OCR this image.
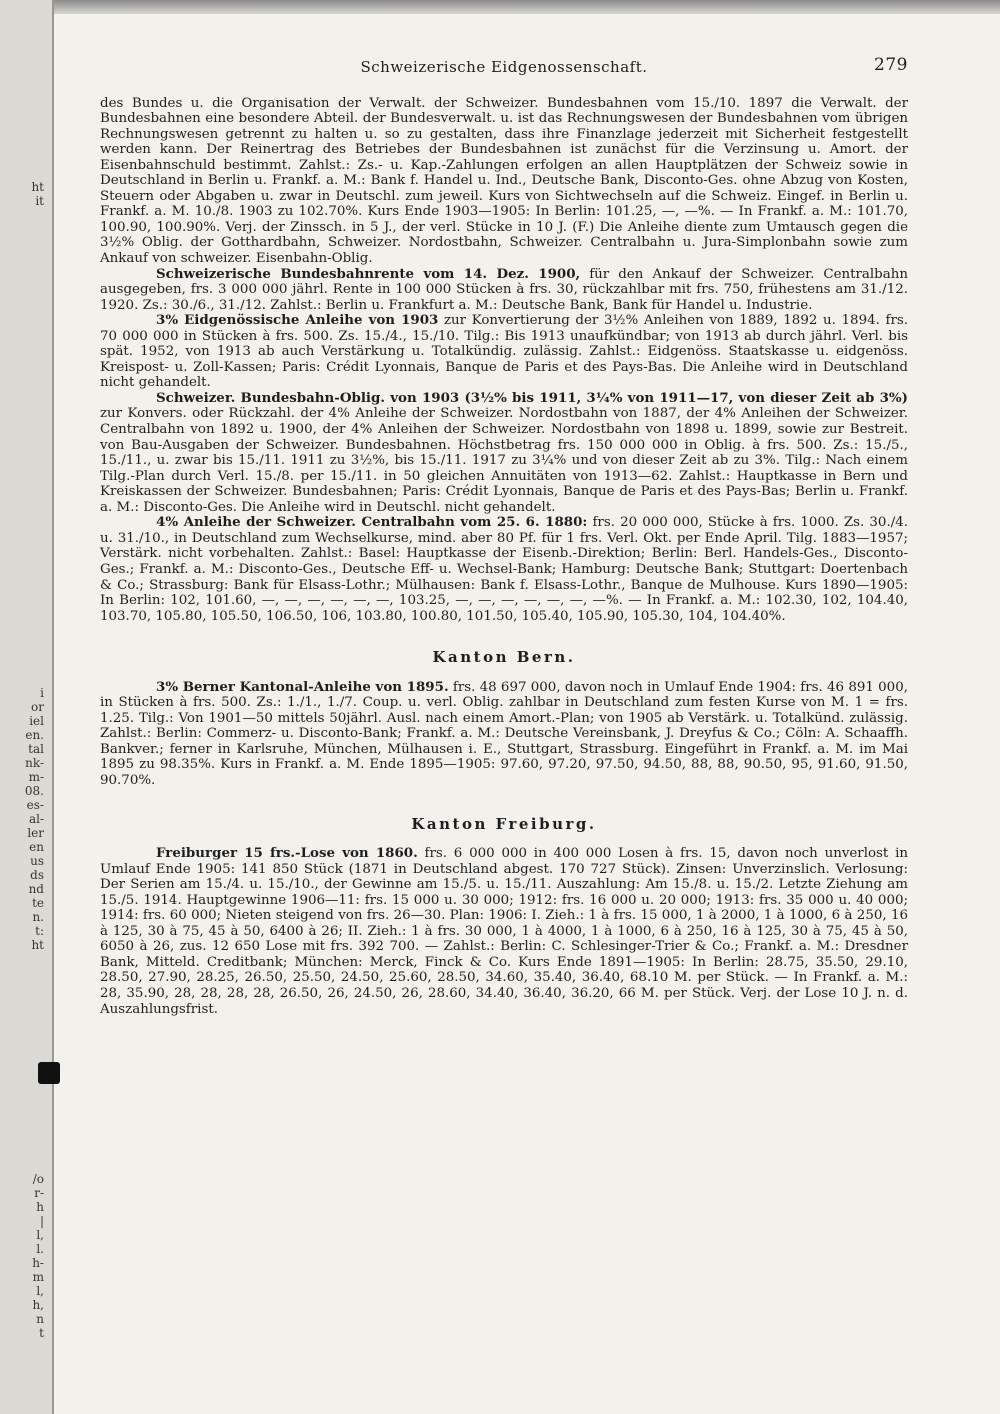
ht
it
i
or
iel
en.
tal
nk-
m-
08.
es-
al-
ler
en
us
ds
nd
te
n.
t:
ht
/o
r-
h
|
l,
l.
h-
m
l,
h,
n
t
Schweizerische Eidgenossenschaft.	279

des Bundes u. die Organisation der Verwalt. der Schweizer. Bundesbahnen vom 15./10. 1897 die Verwalt. der Bundesbahnen eine besondere Abteil. der Bundesverwalt. u. ist das Rechnungswesen der Bundesbahnen vom übrigen Rechnungswesen getrennt zu halten u. so zu gestalten, dass ihre Finanzlage jederzeit mit Sicherheit festgestellt werden kann. Der Reinertrag des Betriebes der Bundesbahnen ist zunächst für die Verzinsung u. Amort. der Eisenbahnschuld bestimmt. Zahlst.: Zs.- u. Kap.-Zahlungen erfolgen an allen Hauptplätzen der Schweiz sowie in Deutschland in Berlin u. Frankf. a. M.: Bank f. Handel u. Ind., Deutsche Bank, Disconto-Ges. ohne Abzug von Kosten, Steuern oder Abgaben u. zwar in Deutschl. zum jeweil. Kurs von Sichtwechseln auf die Schweiz. Eingef. in Berlin u. Frankf. a. M. 10./8. 1903 zu 102.70%. Kurs Ende 1903—1905: In Berlin: 101.25, —, —%. — In Frankf. a. M.: 101.70, 100.90, 100.90%. Verj. der Zinssch. in 5 J., der verl. Stücke in 10 J. (F.) Die Anleihe diente zum Umtausch gegen die 3½% Oblig. der Gotthardbahn, Schweizer. Nordostbahn, Schweizer. Centralbahn u. Jura-Simplonbahn sowie zum Ankauf von schweizer. Eisenbahn-Oblig.

Schweizerische Bundesbahnrente vom 14. Dez. 1900, für den Ankauf der Schweizer. Centralbahn ausgegeben, frs. 3 000 000 jährl. Rente in 100 000 Stücken à frs. 30, rückzahlbar mit frs. 750, frühestens am 31./12. 1920. Zs.: 30./6., 31./12. Zahlst.: Berlin u. Frankfurt a. M.: Deutsche Bank, Bank für Handel u. Industrie.

3% Eidgenössische Anleihe von 1903 zur Konvertierung der 3½% Anleihen von 1889, 1892 u. 1894. frs. 70 000 000 in Stücken à frs. 500. Zs. 15./4., 15./10. Tilg.: Bis 1913 unaufkündbar; von 1913 ab durch jährl. Verl. bis spät. 1952, von 1913 ab auch Verstärkung u. Totalkündig. zulässig. Zahlst.: Eidgenöss. Staatskasse u. eidgenöss. Kreispost- u. Zoll-Kassen; Paris: Crédit Lyonnais, Banque de Paris et des Pays-Bas. Die Anleihe wird in Deutschland nicht gehandelt.

Schweizer. Bundesbahn-Oblig. von 1903 (3½% bis 1911, 3¼% von 1911—17, von dieser Zeit ab 3%) zur Konvers. oder Rückzahl. der 4% Anleihe der Schweizer. Nordostbahn von 1887, der 4% Anleihen der Schweizer. Centralbahn von 1892 u. 1900, der 4% Anleihen der Schweizer. Nordostbahn von 1898 u. 1899, sowie zur Bestreit. von Bau-Ausgaben der Schweizer. Bundesbahnen. Höchstbetrag frs. 150 000 000 in Oblig. à frs. 500. Zs.: 15./5., 15./11., u. zwar bis 15./11. 1911 zu 3½%, bis 15./11. 1917 zu 3¼% und von dieser Zeit ab zu 3%. Tilg.: Nach einem Tilg.-Plan durch Verl. 15./8. per 15./11. in 50 gleichen Annuitäten von 1913—62. Zahlst.: Hauptkasse in Bern und Kreiskassen der Schweizer. Bundesbahnen; Paris: Crédit Lyonnais, Banque de Paris et des Pays-Bas; Berlin u. Frankf. a. M.: Disconto-Ges. Die Anleihe wird in Deutschl. nicht gehandelt.

4% Anleihe der Schweizer. Centralbahn vom 25. 6. 1880: frs. 20 000 000, Stücke à frs. 1000. Zs. 30./4. u. 31./10., in Deutschland zum Wechselkurse, mind. aber 80 Pf. für 1 frs. Verl. Okt. per Ende April. Tilg. 1883—1957; Verstärk. nicht vorbehalten. Zahlst.: Basel: Hauptkasse der Eisenb.-Direktion; Berlin: Berl. Handels-Ges., Disconto-Ges.; Frankf. a. M.: Disconto-Ges., Deutsche Eff- u. Wechsel-Bank; Hamburg: Deutsche Bank; Stuttgart: Doertenbach & Co.; Strassburg: Bank für Elsass-Lothr.; Mülhausen: Bank f. Elsass-Lothr., Banque de Mulhouse. Kurs 1890—1905: In Berlin: 102, 101.60, —, —, —, —, —, —, 103.25, —, —, —, —, —, —, —%. — In Frankf. a. M.: 102.30, 102, 104.40, 103.70, 105.80, 105.50, 106.50, 106, 103.80, 100.80, 101.50, 105.40, 105.90, 105.30, 104, 104.40%.

Kanton Bern.

3% Berner Kantonal-Anleihe von 1895. frs. 48 697 000, davon noch in Umlauf Ende 1904: frs. 46 891 000, in Stücken à frs. 500. Zs.: 1./1., 1./7. Coup. u. verl. Oblig. zahlbar in Deutschland zum festen Kurse von M. 1 = frs. 1.25. Tilg.: Von 1901—50 mittels 50jährl. Ausl. nach einem Amort.-Plan; von 1905 ab Verstärk. u. Totalkünd. zulässig. Zahlst.: Berlin: Commerz- u. Disconto-Bank; Frankf. a. M.: Deutsche Vereinsbank, J. Dreyfus & Co.; Cöln: A. Schaaffh. Bankver.; ferner in Karlsruhe, München, Mülhausen i. E., Stuttgart, Strassburg. Eingeführt in Frankf. a. M. im Mai 1895 zu 98.35%. Kurs in Frankf. a. M. Ende 1895—1905: 97.60, 97.20, 97.50, 94.50, 88, 88, 90.50, 95, 91.60, 91.50, 90.70%.

Kanton Freiburg.

Freiburger 15 frs.-Lose von 1860. frs. 6 000 000 in 400 000 Losen à frs. 15, davon noch unverlost in Umlauf Ende 1905: 141 850 Stück (1871 in Deutschland abgest. 170 727 Stück). Zinsen: Unverzinslich. Verlosung: Der Serien am 15./4. u. 15./10., der Gewinne am 15./5. u. 15./11. Auszahlung: Am 15./8. u. 15./2. Letzte Ziehung am 15./5. 1914. Hauptgewinne 1906—11: frs. 15 000 u. 30 000; 1912: frs. 16 000 u. 20 000; 1913: frs. 35 000 u. 40 000; 1914: frs. 60 000; Nieten steigend von frs. 26—30. Plan: 1906: I. Zieh.: 1 à frs. 15 000, 1 à 2000, 1 à 1000, 6 à 250, 16 à 125, 30 à 75, 45 à 50, 6400 à 26; II. Zieh.: 1 à frs. 30 000, 1 à 4000, 1 à 1000, 6 à 250, 16 à 125, 30 à 75, 45 à 50, 6050 à 26, zus. 12 650 Lose mit frs. 392 700. — Zahlst.: Berlin: C. Schlesinger-Trier & Co.; Frankf. a. M.: Dresdner Bank, Mitteld. Creditbank; München: Merck, Finck & Co. Kurs Ende 1891—1905: In Berlin: 28.75, 35.50, 29.10, 28.50, 27.90, 28.25, 26.50, 25.50, 24.50, 25.60, 28.50, 34.60, 35.40, 36.40, 68.10 M. per Stück. — In Frankf. a. M.: 28, 35.90, 28, 28, 28, 28, 26.50, 26, 24.50, 26, 28.60, 34.40, 36.40, 36.20, 66 M. per Stück. Verj. der Lose 10 J. n. d. Auszahlungsfrist.
